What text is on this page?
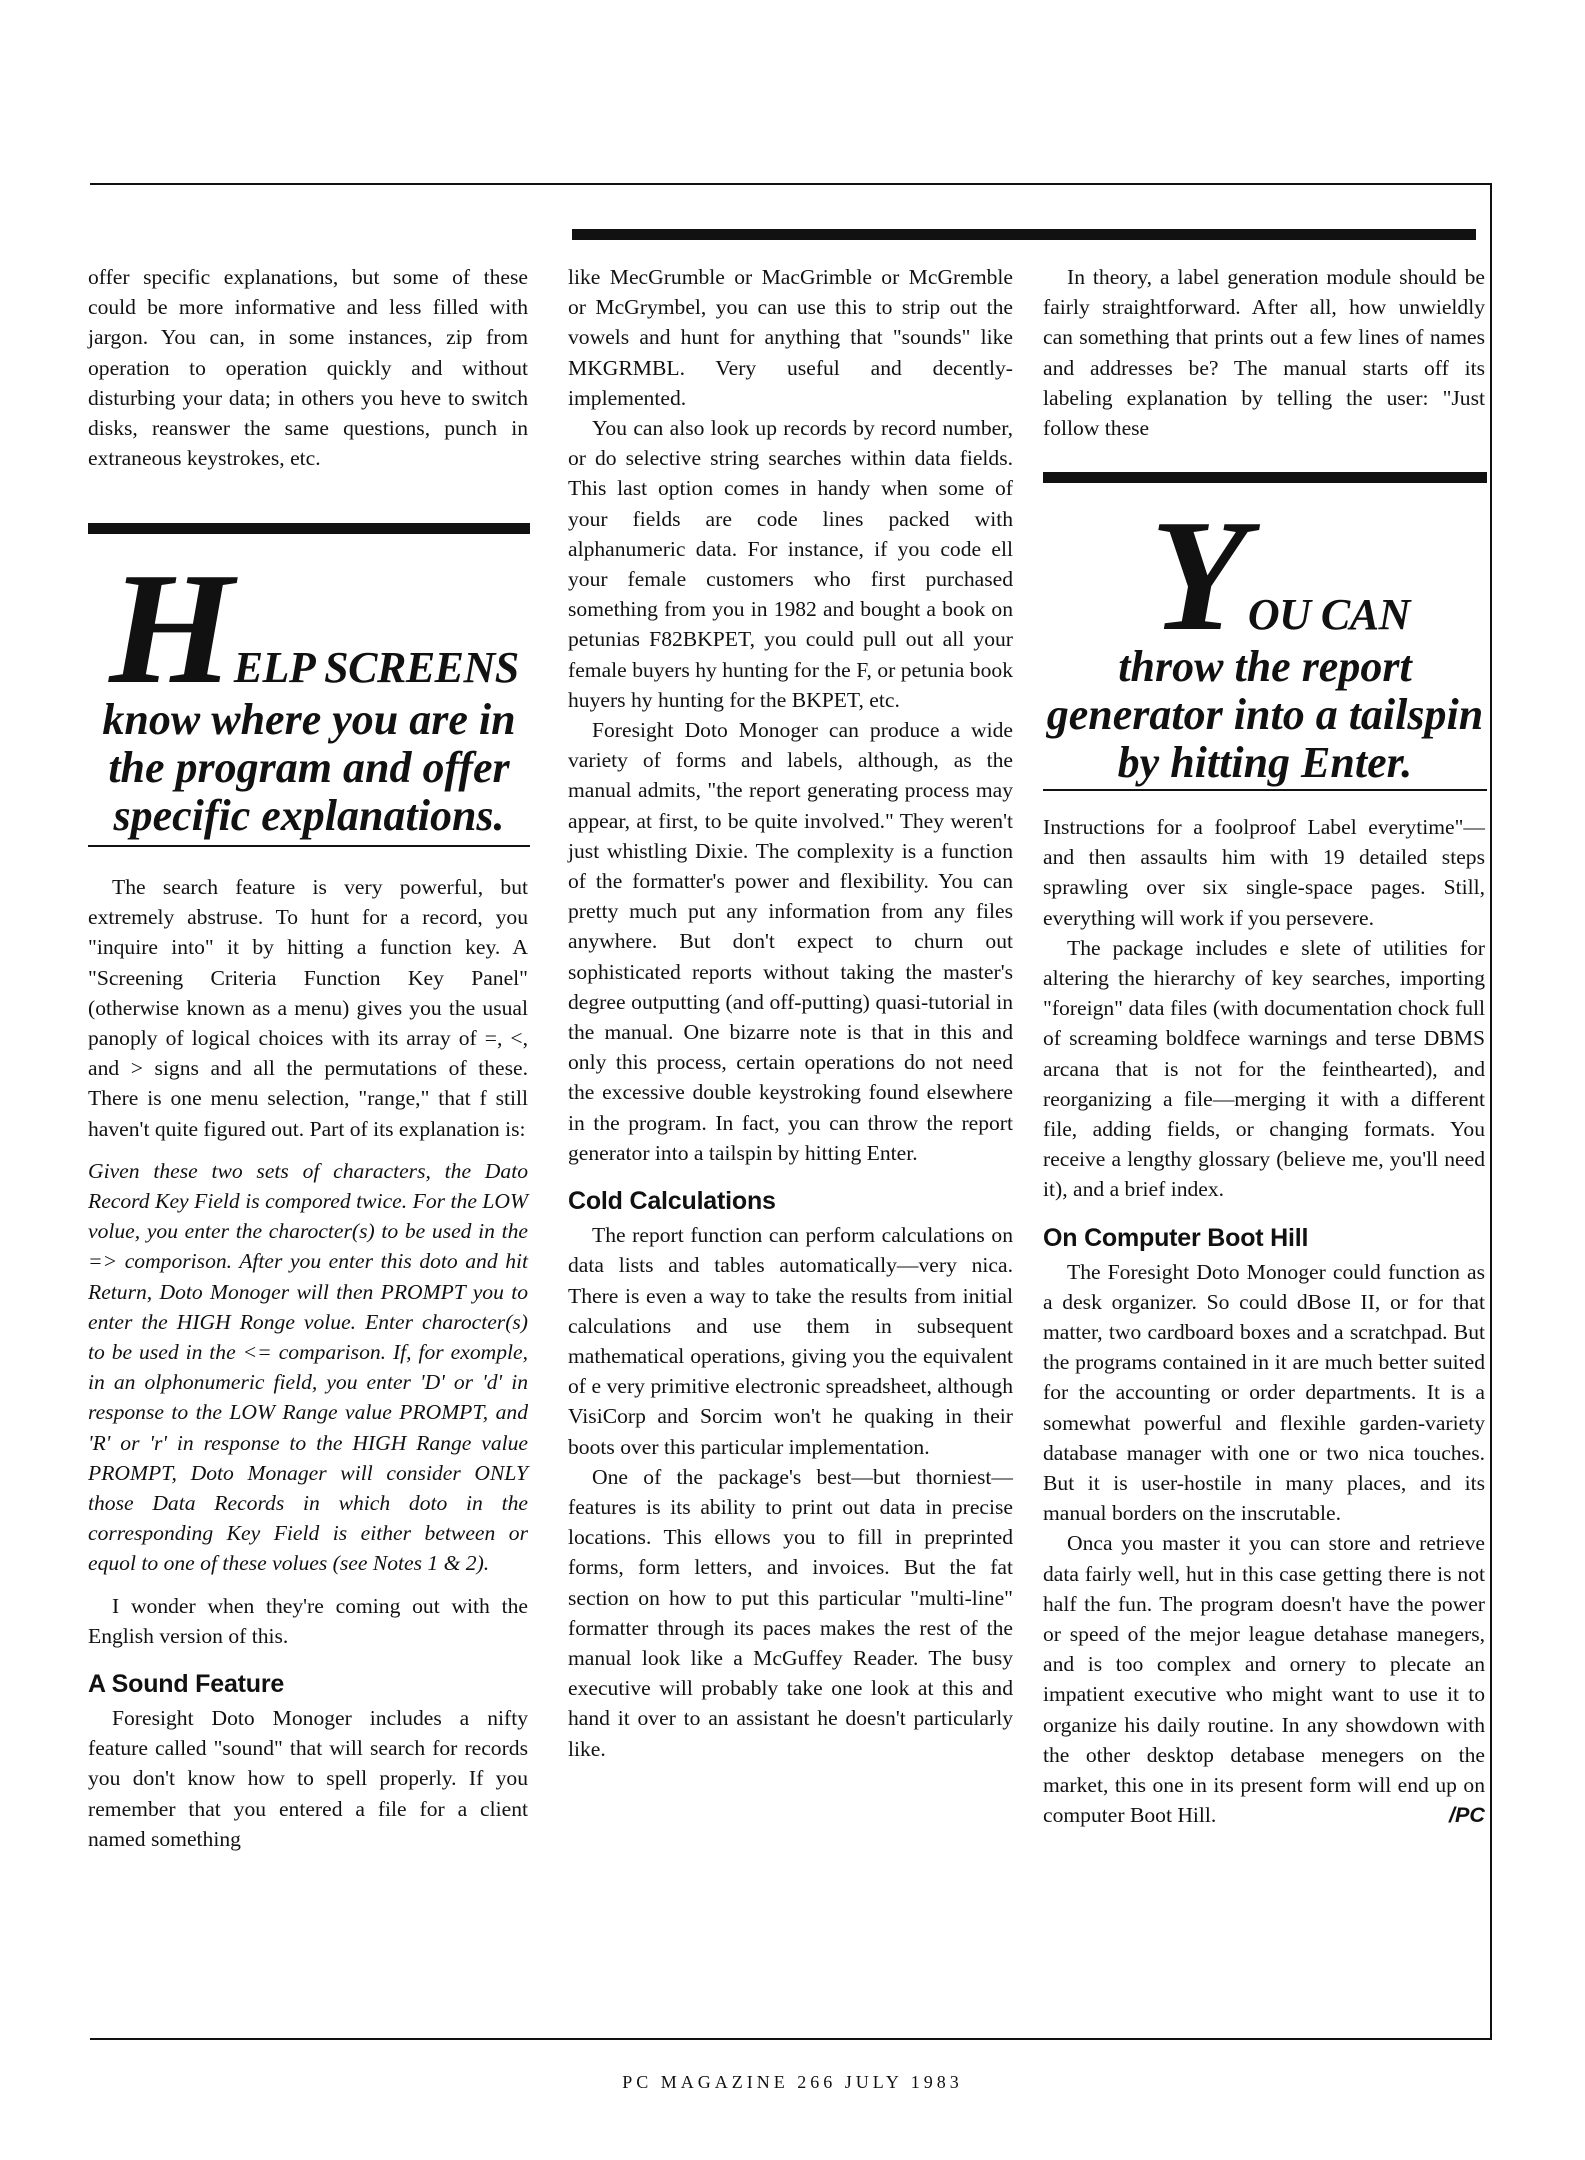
offer specific explanations, but some of these could be more informative and less filled with jargon. You can, in some instances, zip from operation to operation quickly and without disturbing your data; in others you heve to switch disks, reanswer the same questions, punch in extraneous keystrokes, etc.

HELP SCREENS
know where you are in
the program and offer
specific explanations.

The search feature is very powerful, but extremely abstruse. To hunt for a record, you "inquire into" it by hitting a function key. A "Screening Criteria Function Key Panel" (otherwise known as a menu) gives you the usual panoply of logical choices with its array of =, <, and > signs and all the permutations of these. There is one menu selection, "range," that f still haven't quite figured out. Part of its explanation is:

Given these two sets of characters, the Dato Record Key Field is compored twice. For the LOW volue, you enter the charocter(s) to be used in the => comporison. After you enter this doto and hit Return, Doto Monoger will then PROMPT you to enter the HIGH Ronge volue. Enter charocter(s) to be used in the <= comparison. If, for exomple, in an olphonumeric field, you enter 'D' or 'd' in response to the LOW Range value PROMPT, and 'R' or 'r' in response to the HIGH Range value PROMPT, Doto Monager will consider ONLY those Data Records in which doto in the corresponding Key Field is either between or equol to one of these volues (see Notes 1 & 2).

I wonder when they're coming out with the English version of this.

A Sound Feature

Foresight Doto Monoger includes a nifty feature called "sound" that will search for records you don't know how to spell properly. If you remember that you entered a file for a client named something

like MecGrumble or MacGrimble or McGremble or McGrymbel, you can use this to strip out the vowels and hunt for anything that "sounds" like MKGRMBL. Very useful and decently-implemented.

You can also look up records by record number, or do selective string searches within data fields. This last option comes in handy when some of your fields are code lines packed with alphanumeric data. For instance, if you code ell your female customers who first purchased something from you in 1982 and bought a book on petunias F82BKPET, you could pull out all your female buyers hy hunting for the F, or petunia book huyers hy hunting for the BKPET, etc.

Foresight Doto Monoger can produce a wide variety of forms and labels, although, as the manual admits, "the report generating process may appear, at first, to be quite involved." They weren't just whistling Dixie. The complexity is a function of the formatter's power and flexibility. You can pretty much put any information from any files anywhere. But don't expect to churn out sophisticated reports without taking the master's degree outputting (and off-putting) quasi-tutorial in the manual. One bizarre note is that in this and only this process, certain operations do not need the excessive double keystroking found elsewhere in the program. In fact, you can throw the report generator into a tailspin by hitting Enter.

Cold Calculations

The report function can perform calculations on data lists and tables automatically—very nica. There is even a way to take the results from initial calculations and use them in subsequent mathematical operations, giving you the equivalent of e very primitive electronic spreadsheet, although VisiCorp and Sorcim won't he quaking in their boots over this particular implementation.

One of the package's best—but thorniest—features is its ability to print out data in precise locations. This ellows you to fill in preprinted forms, form letters, and invoices. But the fat section on how to put this particular "multi-line" formatter through its paces makes the rest of the manual look like a McGuffey Reader. The busy executive will probably take one look at this and hand it over to an assistant he doesn't particularly like.

In theory, a label generation module should be fairly straightforward. After all, how unwieldly can something that prints out a few lines of names and addresses be? The manual starts off its labeling explanation by telling the user: "Just follow these

YOU CAN
throw the report
generator into a tailspin
by hitting Enter.

Instructions for a foolproof Label everytime"—and then assaults him with 19 detailed steps sprawling over six single-space pages. Still, everything will work if you persevere.

The package includes e slete of utilities for altering the hierarchy of key searches, importing "foreign" data files (with documentation chock full of screaming boldfece warnings and terse DBMS arcana that is not for the feinthearted), and reorganizing a file—merging it with a different file, adding fields, or changing formats. You receive a lengthy glossary (believe me, you'll need it), and a brief index.

On Computer Boot Hill

The Foresight Doto Monoger could function as a desk organizer. So could dBose II, or for that matter, two cardboard boxes and a scratchpad. But the programs contained in it are much better suited for the accounting or order departments. It is a somewhat powerful and flexihle garden-variety database manager with one or two nica touches. But it is user-hostile in many places, and its manual borders on the inscrutable.

Onca you master it you can store and retrieve data fairly well, hut in this case getting there is not half the fun. The program doesn't have the power or speed of the mejor league detahase manegers, and is too complex and ornery to plecate an impatient executive who might want to use it to organize his daily routine. In any showdown with the other desktop detabase menegers on the market, this one in its present form will end up on computer Boot Hill.	/PC

PC MAGAZINE 266 JULY 1983
